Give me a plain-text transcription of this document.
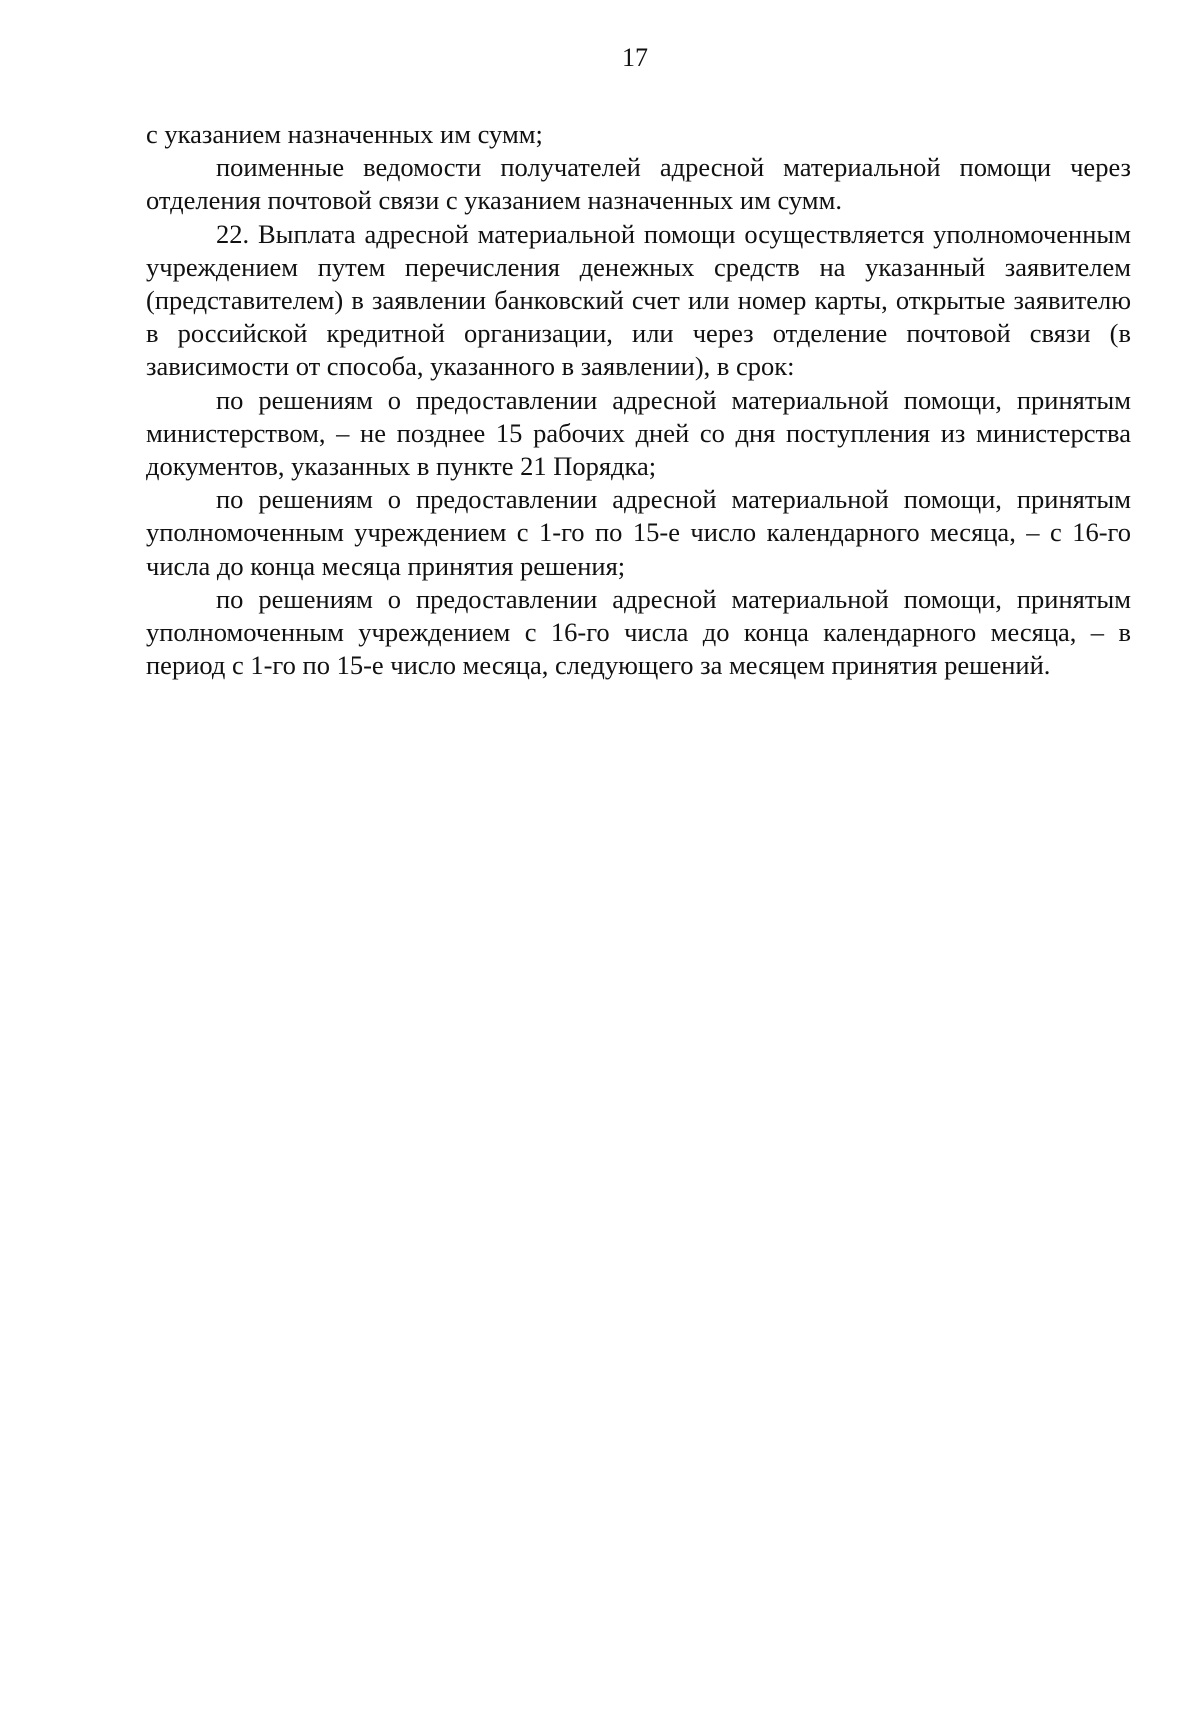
17

с указанием назначенных им сумм;

поименные ведомости получателей адресной материальной помощи через отделения почтовой связи с указанием назначенных им сумм.

22. Выплата адресной материальной помощи осуществляется уполномоченным учреждением путем перечисления денежных средств на указанный заявителем (представителем) в заявлении банковский счет или номер карты, открытые заявителю в российской кредитной организации, или через отделение почтовой связи (в зависимости от способа, указанного в заявлении), в срок:

по решениям о предоставлении адресной материальной помощи, принятым министерством, – не позднее 15 рабочих дней со дня поступления из министерства документов, указанных в пункте 21 Порядка;

по решениям о предоставлении адресной материальной помощи, принятым уполномоченным учреждением с 1-го по 15-е число календарного месяца, – с 16-го числа до конца месяца принятия решения;

по решениям о предоставлении адресной материальной помощи, принятым уполномоченным учреждением с 16-го числа до конца календарного месяца, – в период с 1-го по 15-е число месяца, следующего за месяцем принятия решений.
